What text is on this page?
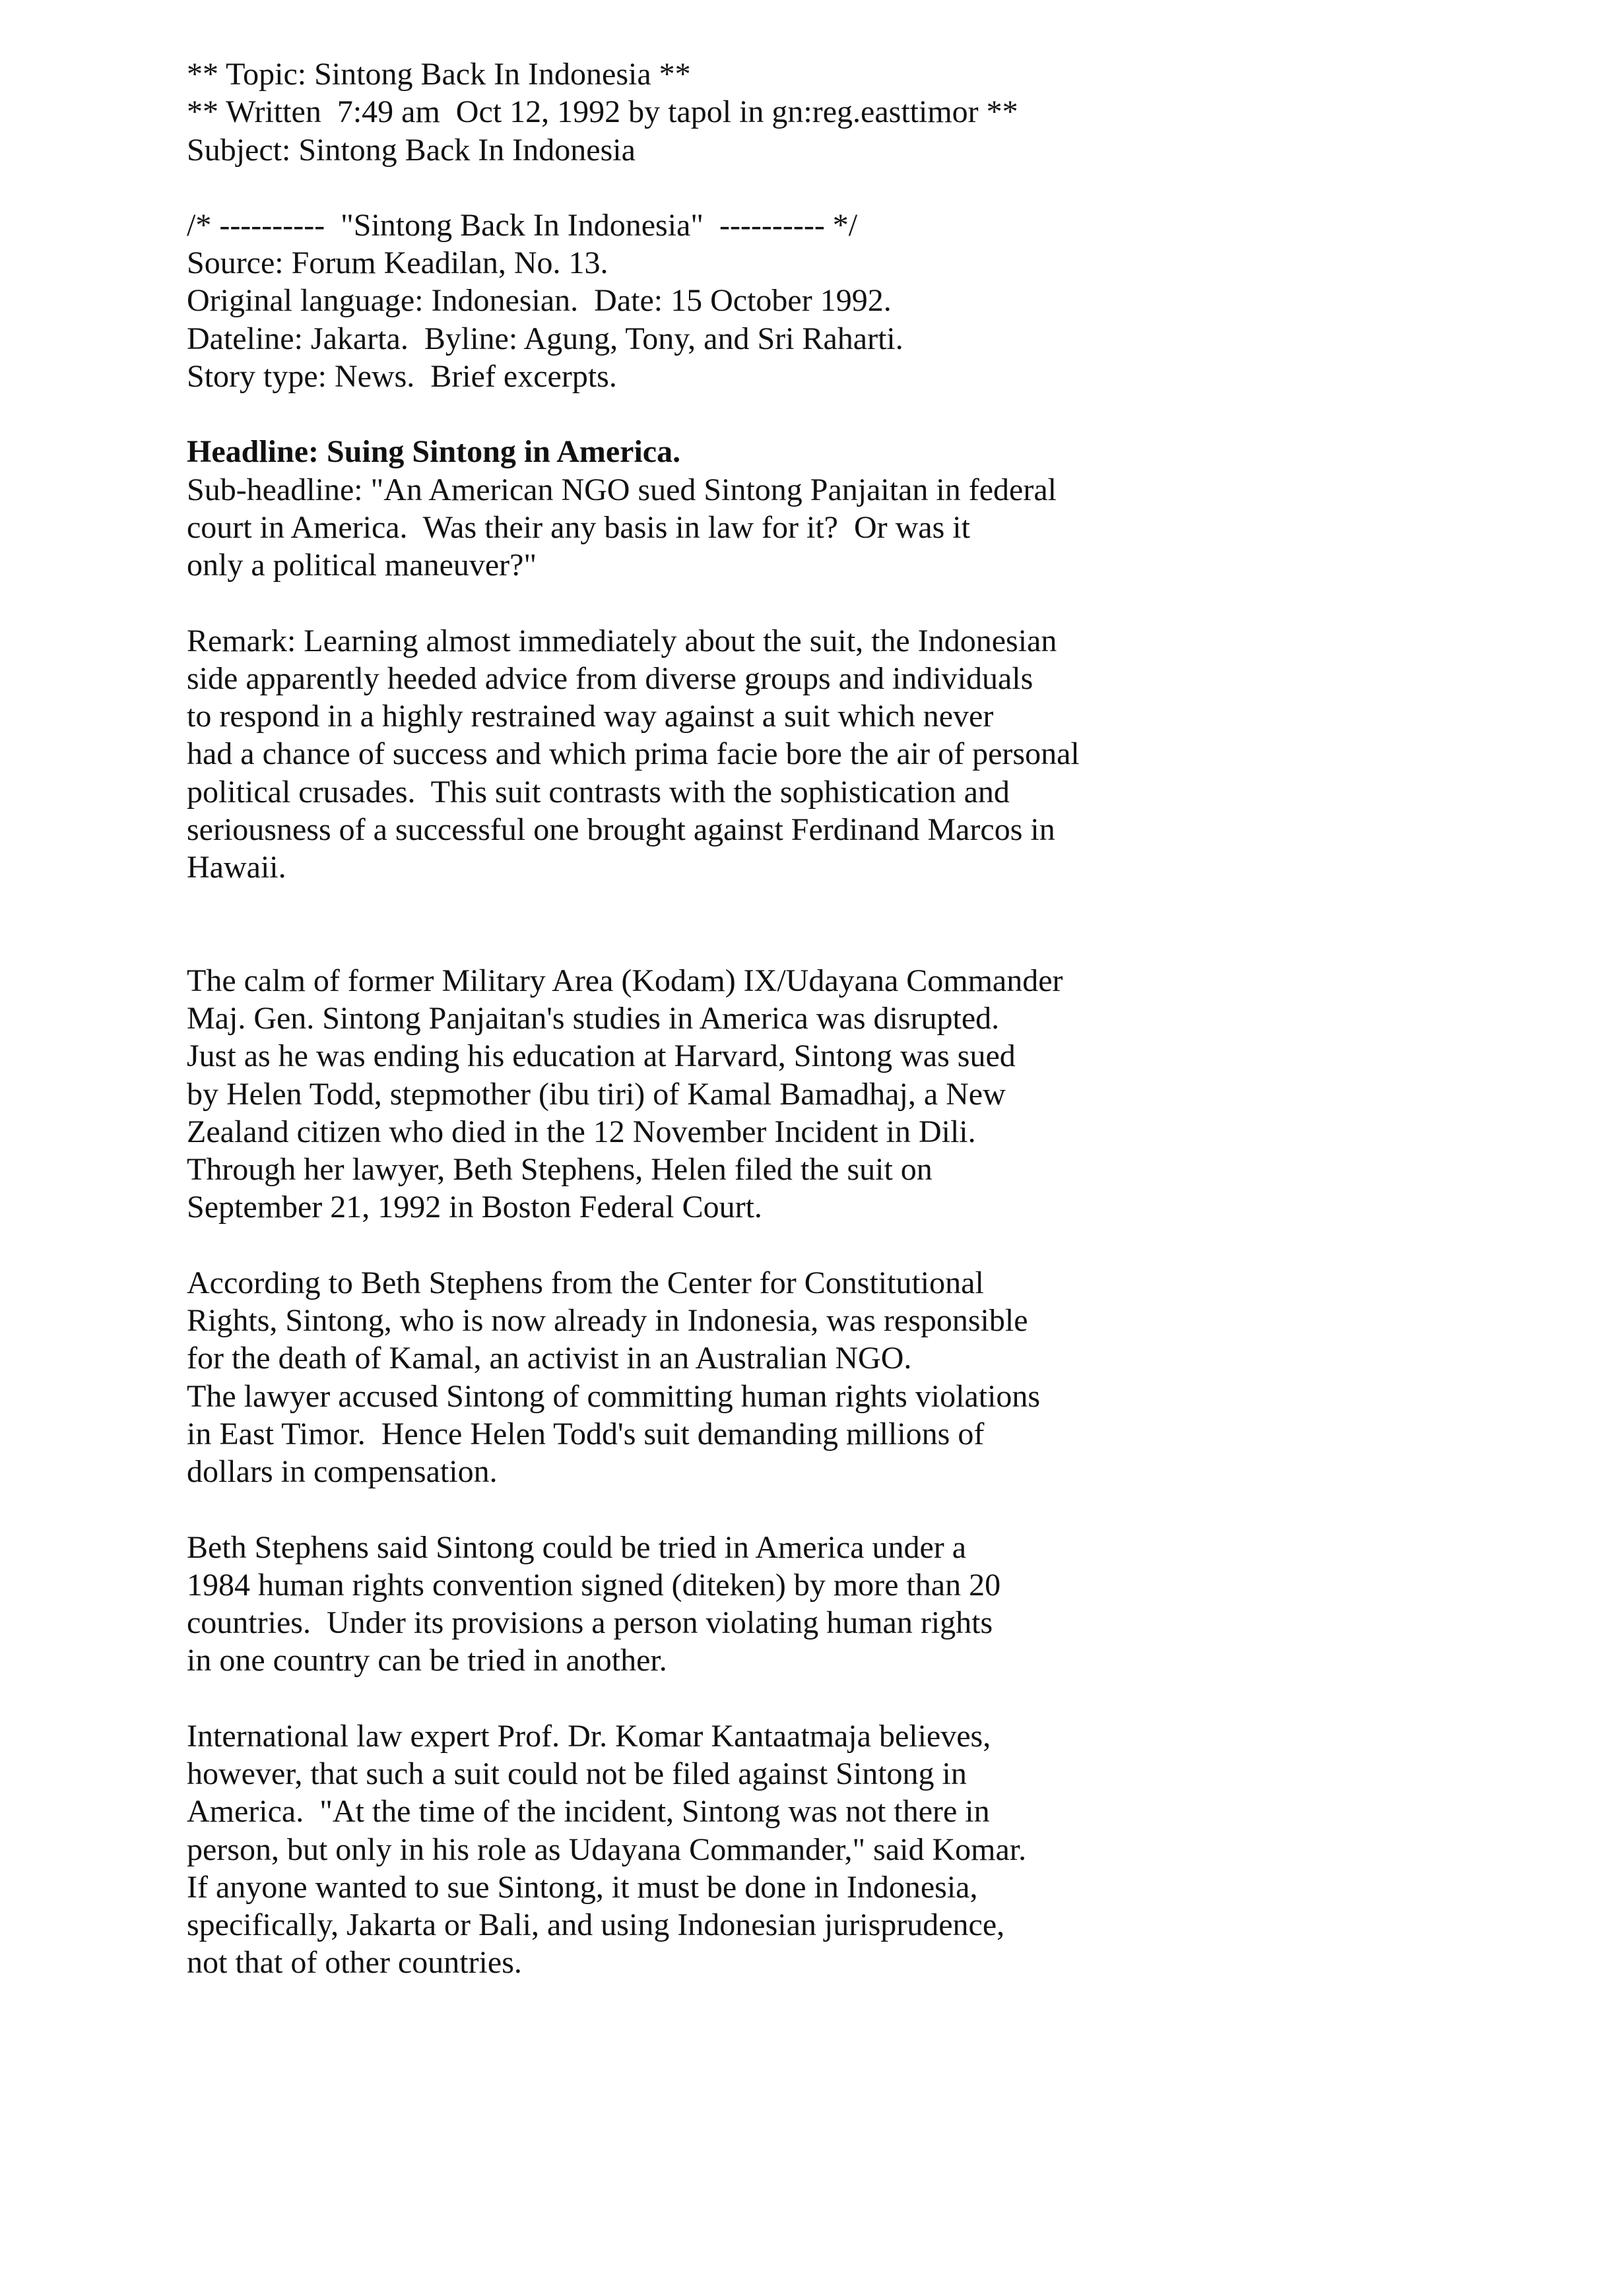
** Topic: Sintong Back In Indonesia **
** Written  7:49 am  Oct 12, 1992 by tapol in gn:reg.easttimor **
Subject: Sintong Back In Indonesia
/* ----------  "Sintong Back In Indonesia"  ---------- */
Source: Forum Keadilan, No. 13.
Original language: Indonesian.  Date: 15 October 1992.
Dateline: Jakarta.  Byline: Agung, Tony, and Sri Raharti.
Story type: News.  Brief excerpts.
Headline: Suing Sintong in America.
Sub-headline: "An American NGO sued Sintong Panjaitan in federal
court in America.  Was their any basis in law for it?  Or was it
only a political maneuver?"
Remark: Learning almost immediately about the suit, the Indonesian
side apparently heeded advice from diverse groups and individuals
to respond in a highly restrained way against a suit which never
had a chance of success and which prima facie bore the air of personal
political crusades.  This suit contrasts with the sophistication and
seriousness of a successful one brought against Ferdinand Marcos in
Hawaii.
The calm of former Military Area (Kodam) IX/Udayana Commander
Maj. Gen. Sintong Panjaitan's studies in America was disrupted.
Just as he was ending his education at Harvard, Sintong was sued
by Helen Todd, stepmother (ibu tiri) of Kamal Bamadhaj, a New
Zealand citizen who died in the 12 November Incident in Dili.
Through her lawyer, Beth Stephens, Helen filed the suit on
September 21, 1992 in Boston Federal Court.
According to Beth Stephens from the Center for Constitutional
Rights, Sintong, who is now already in Indonesia, was responsible
for the death of Kamal, an activist in an Australian NGO.
The lawyer accused Sintong of committing human rights violations
in East Timor.  Hence Helen Todd's suit demanding millions of
dollars in compensation.
Beth Stephens said Sintong could be tried in America under a
1984 human rights convention signed (diteken) by more than 20
countries.  Under its provisions a person violating human rights
in one country can be tried in another.
International law expert Prof. Dr. Komar Kantaatmaja believes,
however, that such a suit could not be filed against Sintong in
America.  "At the time of the incident, Sintong was not there in
person, but only in his role as Udayana Commander," said Komar.
If anyone wanted to sue Sintong, it must be done in Indonesia,
specifically, Jakarta or Bali, and using Indonesian jurisprudence,
not that of other countries.
